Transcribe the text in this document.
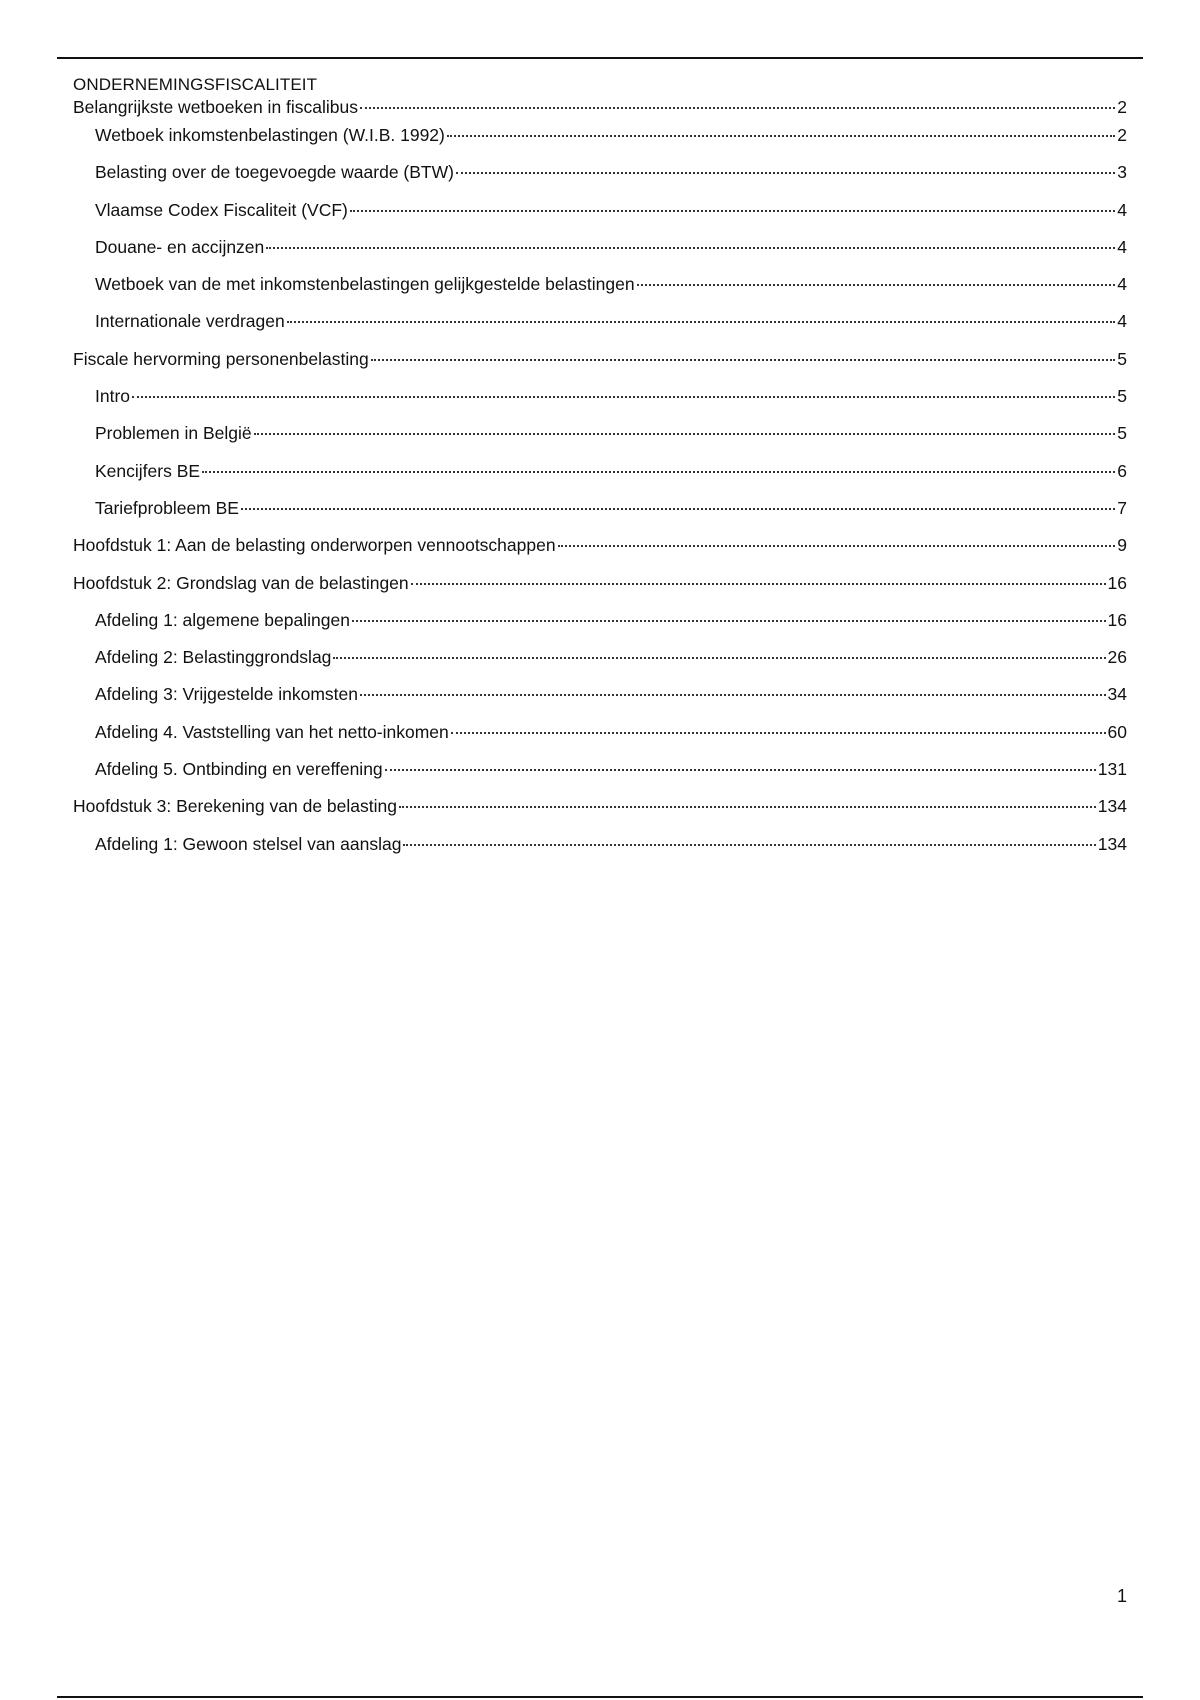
ONDERNEMINGSFISCALITEIT
Belangrijkste wetboeken in fiscalibus	2
Wetboek inkomstenbelastingen (W.I.B. 1992)	2
Belasting over de toegevoegde waarde (BTW)	3
Vlaamse Codex Fiscaliteit (VCF)	4
Douane- en accijnzen	4
Wetboek van de met inkomstenbelastingen gelijkgestelde belastingen	4
Internationale verdragen	4
Fiscale hervorming personenbelasting	5
Intro	5
Problemen in België	5
Kencijfers BE	6
Tariefprobleem BE	7
Hoofdstuk 1: Aan de belasting onderworpen vennootschappen	9
Hoofdstuk 2: Grondslag van de belastingen	16
Afdeling 1: algemene bepalingen	16
Afdeling 2: Belastinggrondslag	26
Afdeling 3: Vrijgestelde inkomsten	34
Afdeling 4. Vaststelling van het netto-inkomen	60
Afdeling 5. Ontbinding en vereffening	131
Hoofdstuk 3: Berekening van de belasting	134
Afdeling 1: Gewoon stelsel van aanslag	134
1
